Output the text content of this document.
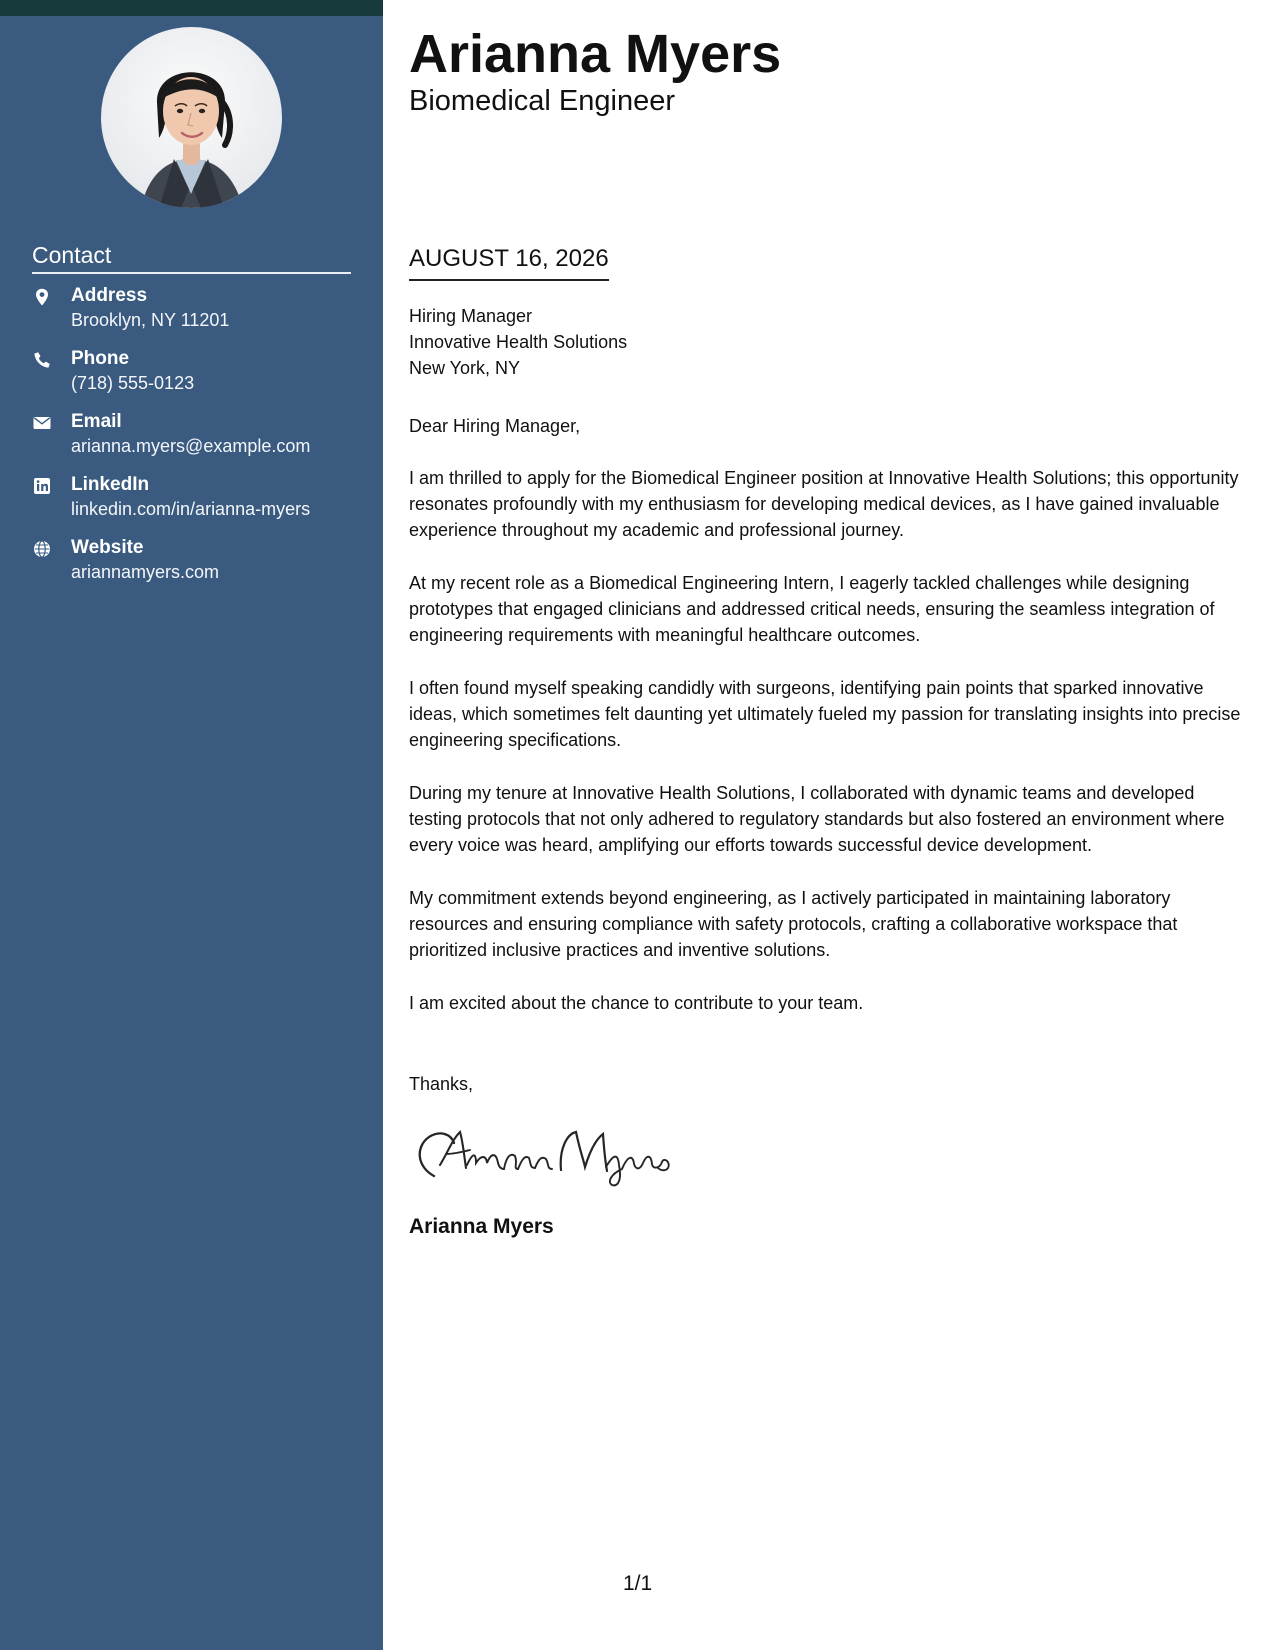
Contact
Address
Brooklyn, NY 11201
Phone
(718) 555-0123
Email
arianna.myers@example.com
LinkedIn
linkedin.com/in/arianna-myers
Website
ariannamyers.com
Arianna Myers
Biomedical Engineer
AUGUST 16, 2026
Hiring Manager
Innovative Health Solutions
New York, NY
Dear Hiring Manager,

I am thrilled to apply for the Biomedical Engineer position at Innovative Health Solutions; this opportunity resonates profoundly with my enthusiasm for developing medical devices, as I have gained invaluable experience throughout my academic and professional journey.

At my recent role as a Biomedical Engineering Intern, I eagerly tackled challenges while designing prototypes that engaged clinicians and addressed critical needs, ensuring the seamless integration of engineering requirements with meaningful healthcare outcomes.

I often found myself speaking candidly with surgeons, identifying pain points that sparked innovative ideas, which sometimes felt daunting yet ultimately fueled my passion for translating insights into precise engineering specifications.

During my tenure at Innovative Health Solutions, I collaborated with dynamic teams and developed testing protocols that not only adhered to regulatory standards but also fostered an environment where every voice was heard, amplifying our efforts towards successful device development.

My commitment extends beyond engineering, as I actively participated in maintaining laboratory resources and ensuring compliance with safety protocols, crafting a collaborative workspace that prioritized inclusive practices and inventive solutions.

I am excited about the chance to contribute to your team.

Thanks,
Arianna Myers
1/1
